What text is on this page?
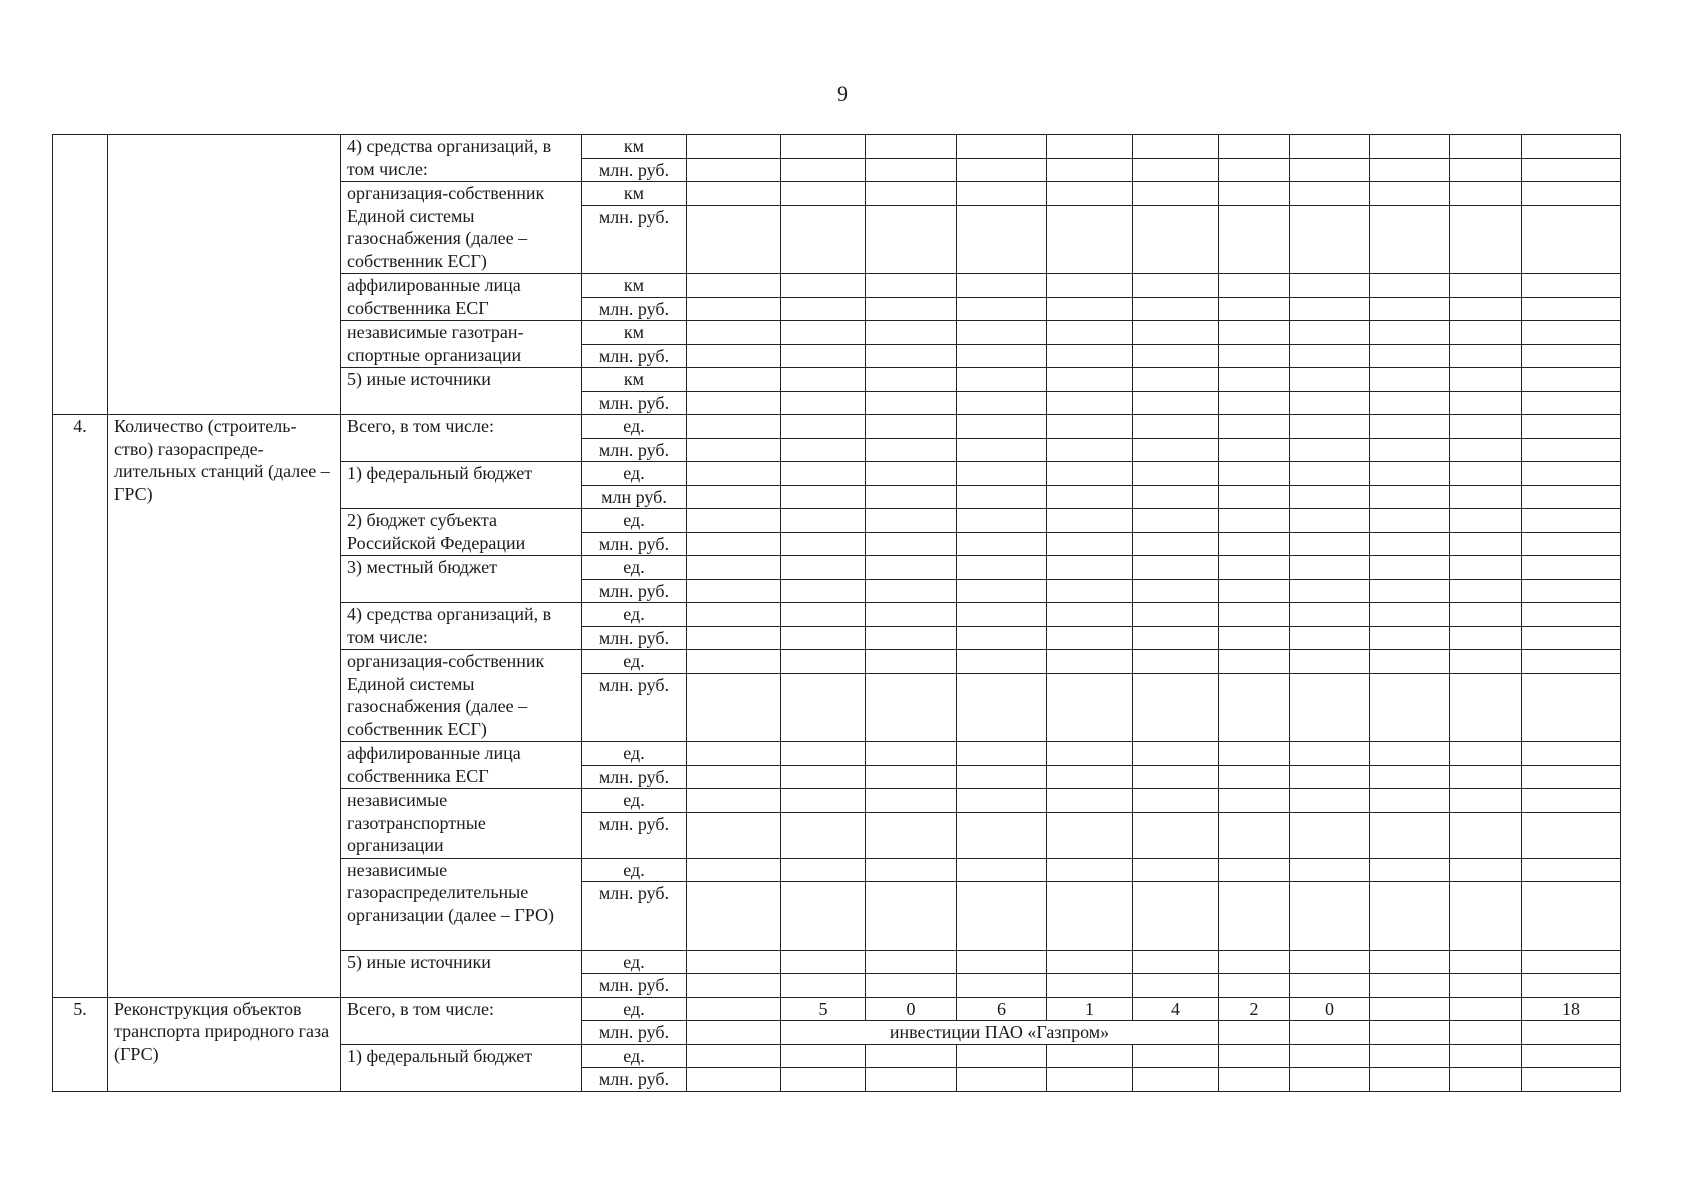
9
		4) средства организаций, в том числе:	км											
			млн. руб.											
		организация-собственник Единой системы газоснабжения (далее – собственник ЕСГ)	км											
			млн. руб.											
		аффилированные лица собственника ЕСГ	км											
			млн. руб.											
		независимые газотран-спортные организации	км											
			млн. руб.											
		5) иные источники	км											
			млн. руб.											
4.	Количество (строитель-ство) газораспреде-лительных станций (далее – ГРС)	Всего, в том числе:	ед.											
			млн. руб.											
		1) федеральный бюджет	ед.											
			млн руб.											
		2) бюджет субъекта Российской Федерации	ед.											
			млн. руб.											
		3) местный бюджет	ед.											
			млн. руб.											
		4) средства организаций, в том числе:	ед.											
			млн. руб.											
		организация-собственник Единой системы газоснабжения (далее – собственник ЕСГ)	ед.											
			млн. руб.											
		аффилированные лица собственника ЕСГ	ед.											
			млн. руб.											
		независимые газотранспортные организации	ед.											
			млн. руб.											
		независимые газораспределительные организации (далее – ГРО)	ед.											
			млн. руб.											
		5) иные источники	ед.											
			млн. руб.											
5.	Реконструкция объектов транспорта природного газа (ГРС)	Всего, в том числе:	ед.		5	0	6	1	4	2	0			18
			млн. руб.		инвестиции ПАО «Газпром»									
		1) федеральный бюджет	ед.											
			млн. руб.											
